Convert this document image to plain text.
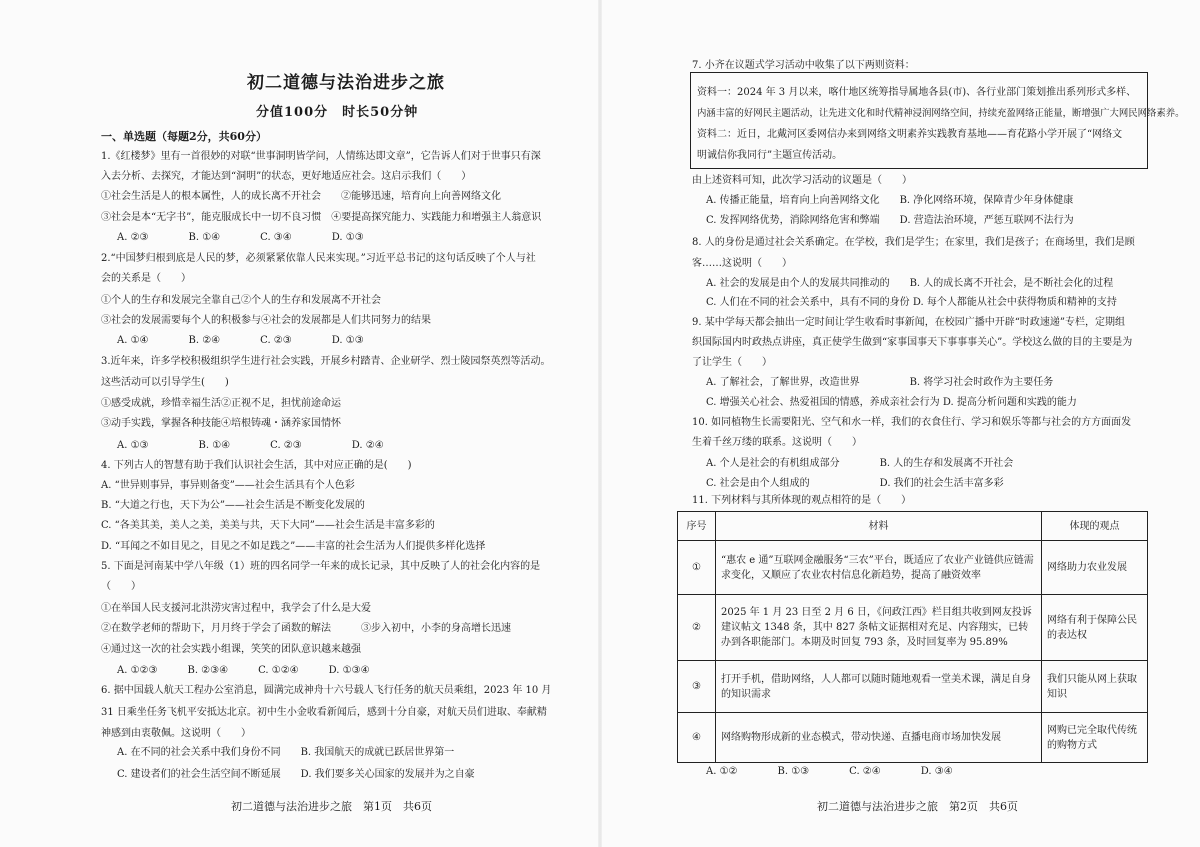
初二道德与法治进步之旅
分值100分　时长50分钟
一、单选题（每题2分，共60分）
7. 小齐在议题式学习活动中收集了以下两则资料：
序号	材料	体现的观点
①	“惠农 e 通”互联网金融服务“三农”平台，既适应了农业产业链供应链需求变化，又顺应了农业农村信息化新趋势，提高了融资效率	网络助力农业发展
②	2025 年 1 月 23 日至 2 月 6 日，《问政江西》栏目组共收到网友投诉建议帖文 1348 条，其中 827 条帖文证据相对充足、内容翔实，已转办到各职能部门。本期及时回复 793 条，及时回复率为 95.89%	网络有利于保障公民的表达权
③	打开手机，借助网络，人人都可以随时随地观看一堂美术课，满足自身的知识需求	我们只能从网上获取知识
④	网络购物形成新的业态模式，带动快递、直播电商市场加快发展	网购已完全取代传统的购物方式
A. ①②　　　　B. ①③　　　　C. ②④　　　　D. ③④
初二道德与法治进步之旅　第1页　共6页	初二道德与法治进步之旅　第2页　共6页
1.《红楼梦》里有一首很妙的对联“世事洞明皆学问，人情练达即文章”，它告诉人们对于世事只有深
入去分析、去探究，才能达到“洞明”的状态，更好地适应社会。这启示我们（　　）
①社会生活是人的根本属性，人的成长离不开社会　　②能够迅速，培育向上向善网络文化
③社会是本“无字书”，能克服成长中一切不良习惯　④要提高探究能力、实践能力和增强主人翁意识
A. ②③　　　　B. ①④　　　　C. ③④　　　　D. ①③
2.“中国梦归根到底是人民的梦，必须紧紧依靠人民来实现。”习近平总书记的这句话反映了个人与社
会的关系是（　　）
①个人的生存和发展完全靠自己②个人的生存和发展离不开社会
③社会的发展需要每个人的积极参与④社会的发展都是人们共同努力的结果
A. ①④　　　　B. ②④　　　　C. ②③　　　　D. ①③
3.近年来，许多学校积极组织学生进行社会实践，开展乡村踏青、企业研学、烈士陵园祭英烈等活动。
这些活动可以引导学生(　　)
①感受成就，珍惜幸福生活②正视不足，担忧前途命运
③动手实践，掌握各种技能④培根铸魂・涵养家国情怀
A. ①③　　　　　B. ①④　　　　C. ②③　　　　　D. ②④
4. 下列古人的智慧有助于我们认识社会生活，其中对应正确的是(　　)
A. “世异则事异，事异则备变”——社会生活具有个人色彩
B. “大道之行也，天下为公”——社会生活是不断变化发展的
C. “各美其美，美人之美，美美与共，天下大同”——社会生活是丰富多彩的
D. “耳闻之不如目见之，目见之不如足践之”——丰富的社会生活为人们提供多样化选择
5. 下面是河南某中学八年级（1）班的四名同学一年来的成长记录，其中反映了人的社会化内容的是
（　　）
①在举国人民支援河北洪涝灾害过程中，我学会了什么是大爱
②在数学老师的帮助下，月月终于学会了函数的解法　　　③步入初中，小李的身高增长迅速
④通过这一次的社会实践小组课，笑笑的团队意识越来越强
A. ①②③　　　B. ②③④　　　C. ①②④　　　D. ①③④
6. 据中国载人航天工程办公室消息，圆满完成神舟十六号载人飞行任务的航天员乘组，2023 年 10 月
31 日乘坐任务飞机平安抵达北京。初中生小金收看新闻后，感到十分自豪，对航天员们进取、奉献精
神感到由衷敬佩。这说明（　　）
A. 在不同的社会关系中我们身份不同　　B. 我国航天的成就已跃居世界第一
C. 建设者们的社会生活空间不断延展　　D. 我们要多关心国家的发展并为之自豪
资料一：2024 年 3 月以来，喀什地区统筹指导属地各县(市)、各行业部门策划推出系列形式多样、
内涵丰富的好网民主题活动，让先进文化和时代精神浸润网络空间，持续充盈网络正能量，断增强广大网民网络素养。
资料二：近日，北戴河区委网信办来到网络文明素养实践教育基地——育花路小学开展了“网络文
明诚信你我同行”主题宣传活动。
由上述资料可知，此次学习活动的议题是（　　）
A. 传播正能量，培育向上向善网络文化　　B. 净化网络环境，保障青少年身体健康
C. 发挥网络优势，消除网络危害和弊端　　D. 营造法治环境，严惩互联网不法行为
8. 人的身份是通过社会关系确定。在学校，我们是学生；在家里，我们是孩子；在商场里，我们是顾
客……这说明（　　）
A. 社会的发展是由个人的发展共同推动的　　B. 人的成长离不开社会，是不断社会化的过程
C. 人们在不同的社会关系中，具有不同的身份 D. 每个人都能从社会中获得物质和精神的支持
9. 某中学每天都会抽出一定时间让学生收看时事新闻，在校园广播中开辟“时政速递”专栏，定期组
织国际国内时政热点讲座，真正使学生做到“家事国事天下事事事关心”。学校这么做的目的主要是为
了让学生（　　）
A. 了解社会，了解世界，改造世界　　　　　B. 将学习社会时政作为主要任务
C. 增强关心社会、热爱祖国的情感，养成亲社会行为 D. 提高分析问题和实践的能力
10. 如同植物生长需要阳光、空气和水一样，我们的衣食住行、学习和娱乐等都与社会的方方面面发
生着千丝万缕的联系。这说明（　　）
A. 个人是社会的有机组成部分　　　　B. 人的生存和发展离不开社会
C. 社会是由个人组成的　　　　　　　D. 我们的社会生活丰富多彩
11. 下列材料与其所体现的观点相符的是（　　）
